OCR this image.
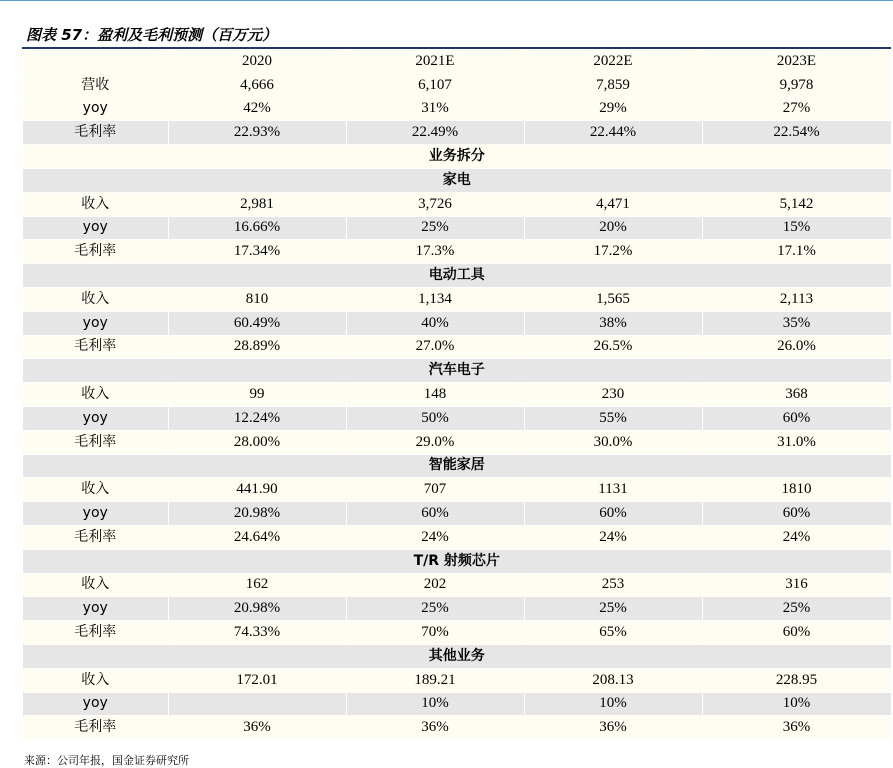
图表 57：盈利及毛利预测（百万元）
	2020	2021E	2022E	2023E
营收	4,666	6,107	7,859	9,978
yoy	42%	31%	29%	27%
毛利率	22.93%	22.49%	22.44%	22.54%
业务拆分				
家电				
收入	2,981	3,726	4,471	5,142
yoy	16.66%	25%	20%	15%
毛利率	17.34%	17.3%	17.2%	17.1%
电动工具				
收入	810	1,134	1,565	2,113
yoy	60.49%	40%	38%	35%
毛利率	28.89%	27.0%	26.5%	26.0%
汽车电子				
收入	99	148	230	368
yoy	12.24%	50%	55%	60%
毛利率	28.00%	29.0%	30.0%	31.0%
智能家居				
收入	441.90	707	1131	1810
yoy	20.98%	60%	60%	60%
毛利率	24.64%	24%	24%	24%
T/R 射频芯片				
收入	162	202	253	316
yoy	20.98%	25%	25%	25%
毛利率	74.33%	70%	65%	60%
其他业务				
收入	172.01	189.21	208.13	228.95
yoy		10%	10%	10%
毛利率	36%	36%	36%	36%
来源：公司年报，国金证券研究所
